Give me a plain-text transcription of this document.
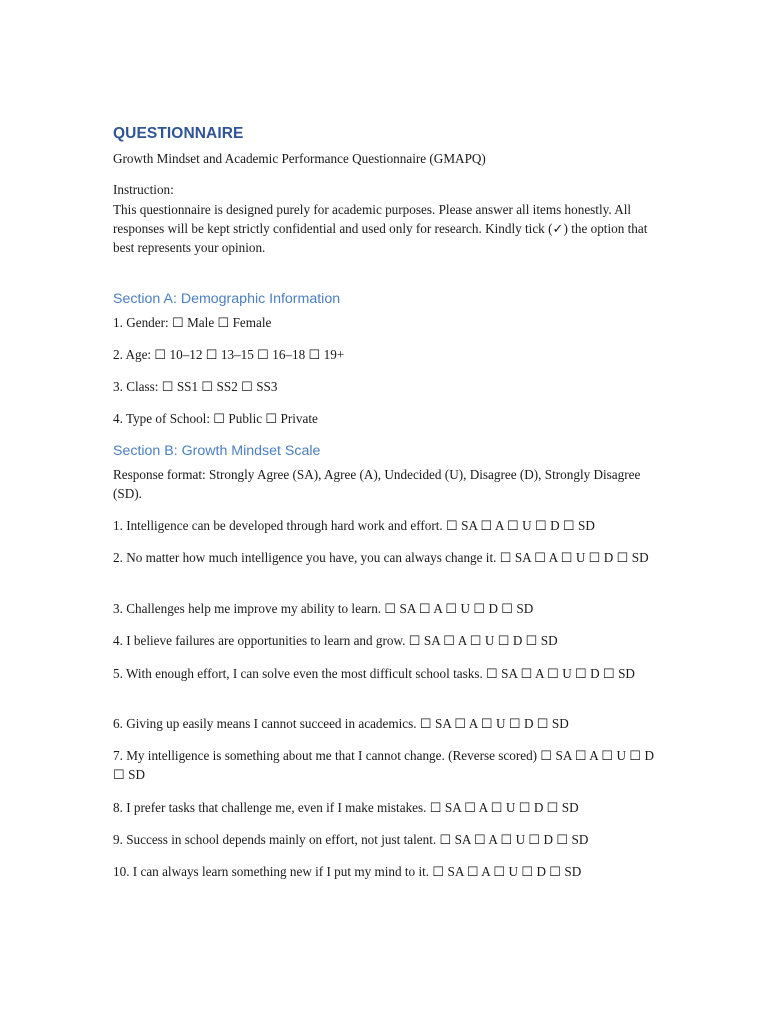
QUESTIONNAIRE
Growth Mindset and Academic Performance Questionnaire (GMAPQ)
Instruction:
This questionnaire is designed purely for academic purposes. Please answer all items honestly. All responses will be kept strictly confidential and used only for research. Kindly tick (✓) the option that best represents your opinion.
Section A: Demographic Information
1. Gender: ☐ Male ☐ Female
2. Age: ☐ 10–12 ☐ 13–15 ☐ 16–18 ☐ 19+
3. Class: ☐ SS1 ☐ SS2 ☐ SS3
4. Type of School: ☐ Public ☐ Private
Section B: Growth Mindset Scale
Response format: Strongly Agree (SA), Agree (A), Undecided (U), Disagree (D), Strongly Disagree (SD).
1. Intelligence can be developed through hard work and effort. ☐ SA ☐ A ☐ U ☐ D ☐ SD
2. No matter how much intelligence you have, you can always change it. ☐ SA ☐ A ☐ U ☐ D ☐ SD
3. Challenges help me improve my ability to learn. ☐ SA ☐ A ☐ U ☐ D ☐ SD
4. I believe failures are opportunities to learn and grow. ☐ SA ☐ A ☐ U ☐ D ☐ SD
5. With enough effort, I can solve even the most difficult school tasks. ☐ SA ☐ A ☐ U ☐ D ☐ SD
6. Giving up easily means I cannot succeed in academics. ☐ SA ☐ A ☐ U ☐ D ☐ SD
7. My intelligence is something about me that I cannot change. (Reverse scored) ☐ SA ☐ A ☐ U ☐ D ☐ SD
8. I prefer tasks that challenge me, even if I make mistakes. ☐ SA ☐ A ☐ U ☐ D ☐ SD
9. Success in school depends mainly on effort, not just talent. ☐ SA ☐ A ☐ U ☐ D ☐ SD
10. I can always learn something new if I put my mind to it. ☐ SA ☐ A ☐ U ☐ D ☐ SD
